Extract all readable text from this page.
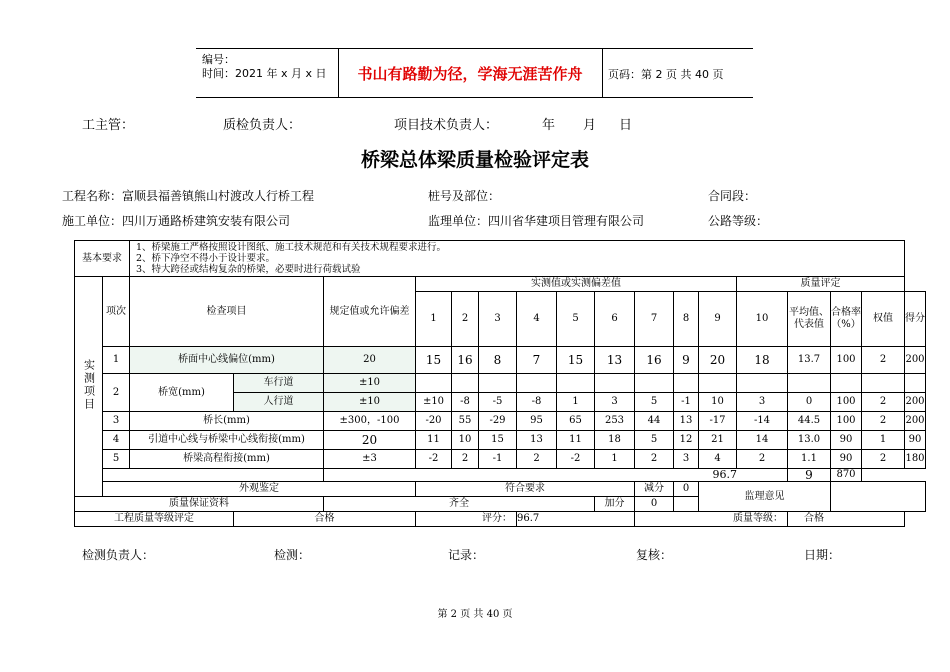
编号：
时间：2021 年 x 月 x 日	书山有路勤为径，学海无涯苦作舟	页码：第 2 页 共 40 页
工主管：	质检负责人：	项目技术负责人：	年 月 日
桥梁总体梁质量检验评定表
工程名称：富顺县福善镇熊山村渡改人行桥工程	桩号及部位：	合同段：
施工单位：四川万通路桥建筑安装有限公司	监理单位：四川省华建项目管理有限公司	公路等级：
基本要求		1、桥梁施工严格按照设计图纸、施工技术规范和有关技术规程要求进行。
2、桥下净空不得小于设计要求。
3、特大跨径或结构复杂的桥梁，必要时进行荷载试验																

实测项目	项次	检查项目		规定值或允许偏差	实测值或实测偏差值									质量评定				
					1	2	3	4	5	6	7	8	9	10	平均值、代表值	合格率（%）	权值	得分
	1	桥面中心线偏位(mm)		20	15	16	8	7	15	13	16	9	20	18	13.7	100	2	200
	2	桥宽(mm)	车行道	±10														
			人行道	±10	±10	-8	-5	-8	1	3	5	-1	10	3	0	100	2	200
	3	桥长(mm)		±300，-100	-20	55	-29	95	65	253	44	13	-17	-14	44.5	100	2	200
	4	引道中心线与桥梁中心线衔接(mm)		20	11	10	15	13	11	18	5	12	21	14	13.0	90	1	90
	5	桥梁高程衔接(mm)		±3	-2	2	-1	2	-2	1	2	3	4	2	1.1	90	2	180
				96.7											9	870		
	外观鉴定				符合要求						减分	0	监理意见					
质量保证资料				齐全						加分	0							
工程质量等级评定			合格		评分：			96.7			质量等级：				合格			
检测负责人：	检测：	记录：	复核：	日期：
第 2 页 共 40 页
